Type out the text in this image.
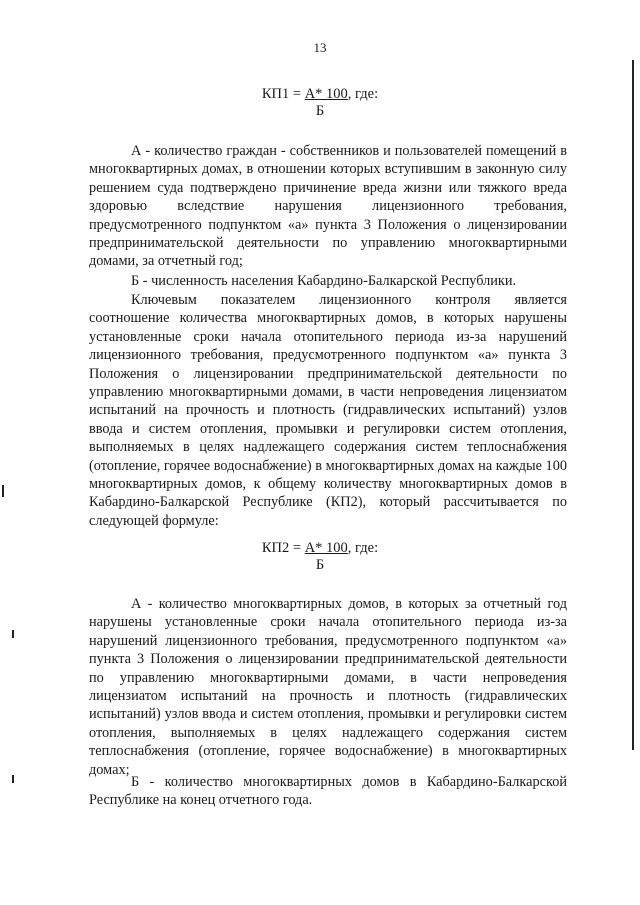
13
КП1 = А* 100, где:
Б

А - количество граждан - собственников и пользователей помещений в многоквартирных домах, в отношении которых вступившим в законную силу решением суда подтверждено причинение вреда жизни или тяжкого вреда здоровью вследствие нарушения лицензионного требования, предусмотренного подпунктом «а» пункта 3 Положения о лицензировании предпринимательской деятельности по управлению многоквартирными домами, за отчетный год;

Б - численность населения Кабардино-Балкарской Республики.

Ключевым показателем лицензионного контроля является соотношение количества многоквартирных домов, в которых нарушены установленные сроки начала отопительного периода из-за нарушений лицензионного требования, предусмотренного подпунктом «а» пункта 3 Положения о лицензировании предпринимательской деятельности по управлению многоквартирными домами, в части непроведения лицензиатом испытаний на прочность и плотность (гидравлических испытаний) узлов ввода и систем отопления, промывки и регулировки систем отопления, выполняемых в целях надлежащего содержания систем теплоснабжения (отопление, горячее водоснабжение) в многоквартирных домах на каждые 100 многоквартирных домов, к общему количеству многоквартирных домов в Кабардино-Балкарской Республике (КП2), который рассчитывается по следующей формуле:

КП2 = А* 100, где:
Б

А - количество многоквартирных домов, в которых за отчетный год нарушены установленные сроки начала отопительного периода из-за нарушений лицензионного требования, предусмотренного подпунктом «а» пункта 3 Положения о лицензировании предпринимательской деятельности по управлению многоквартирными домами, в части непроведения лицензиатом испытаний на прочность и плотность (гидравлических испытаний) узлов ввода и систем отопления, промывки и регулировки систем отопления, выполняемых в целях надлежащего содержания систем теплоснабжения (отопление, горячее водоснабжение) в многоквартирных домах;

Б - количество многоквартирных домов в Кабардино-Балкарской Республике на конец отчетного года.
